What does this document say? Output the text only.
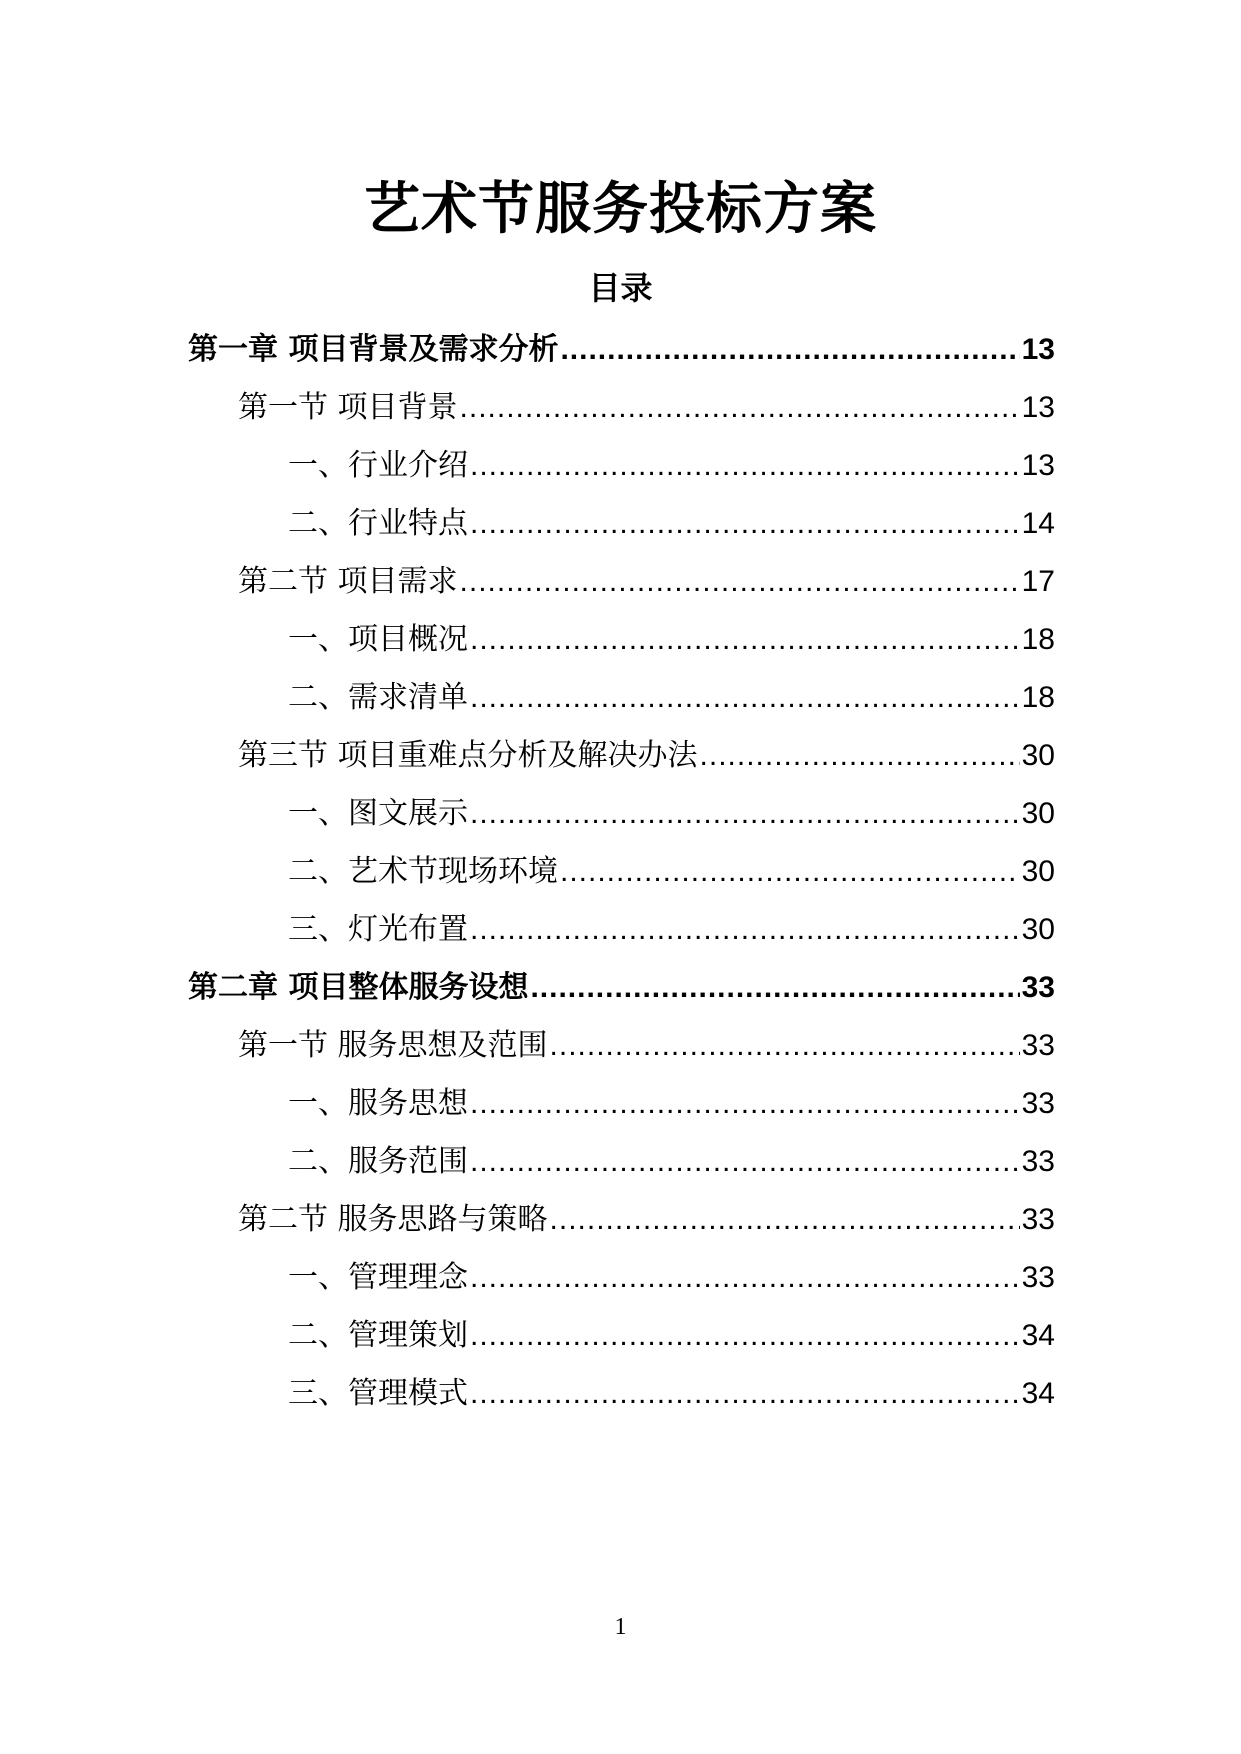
艺术节服务投标方案
目录
第一章 项目背景及需求分析 .....	13
第一节 项目背景 .....	13
一、行业介绍 .....	13
二、行业特点 .....	14
第二节 项目需求 .....	17
一、项目概况 .....	18
二、需求清单 .....	18
第三节 项目重难点分析及解决办法 .....	30
一、图文展示 .....	30
二、艺术节现场环境 .....	30
三、灯光布置 .....	30
第二章 项目整体服务设想 .....	33
第一节 服务思想及范围 .....	33
一、服务思想 .....	33
二、服务范围 .....	33
第二节 服务思路与策略 .....	33
一、管理理念 .....	33
二、管理策划 .....	34
三、管理模式 .....	34
1
